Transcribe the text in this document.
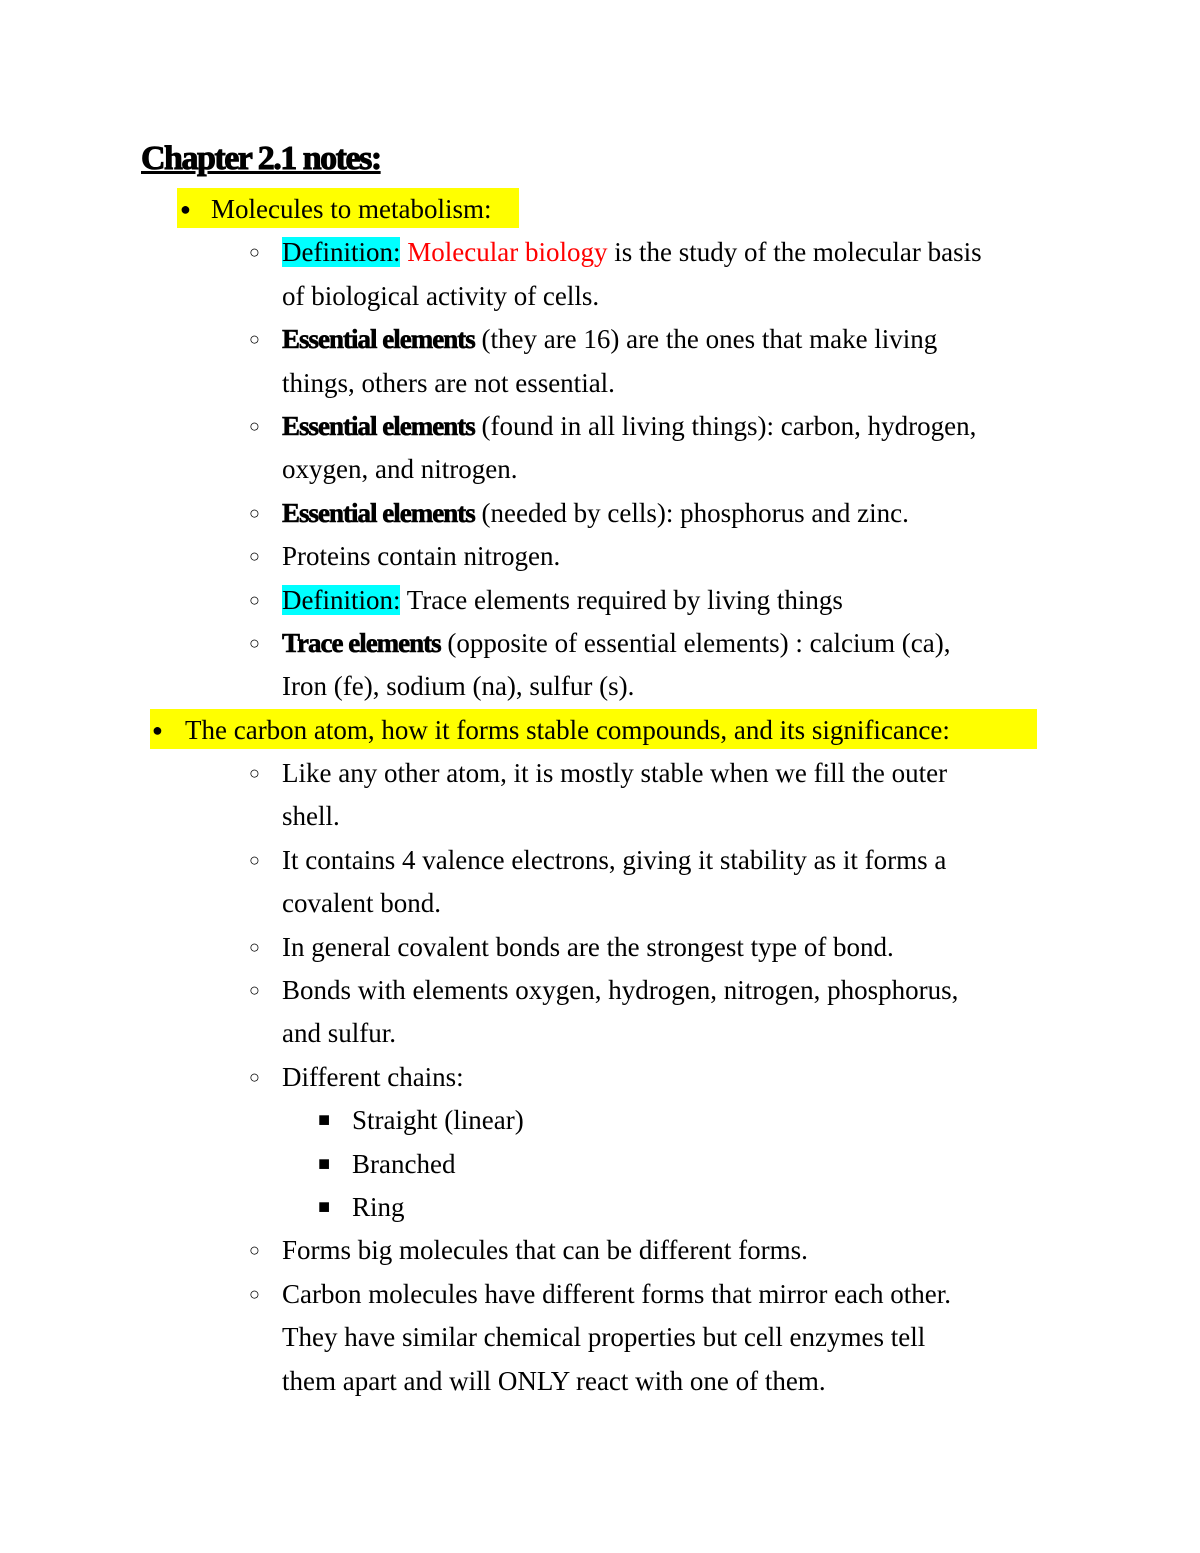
Chapter 2.1 notes:
● Molecules to metabolism:
○ Definition: Molecular biology is the study of the molecular basis
of biological activity of cells.
○ Essential elements (they are 16) are the ones that make living
things, others are not essential.
○ Essential elements (found in all living things): carbon, hydrogen,
oxygen, and nitrogen.
○ Essential elements (needed by cells): phosphorus and zinc.
○ Proteins contain nitrogen.
○ Definition: Trace elements required by living things
○ Trace elements (opposite of essential elements) : calcium (ca),
Iron (fe), sodium (na), sulfur (s).
● The carbon atom, how it forms stable compounds, and its significance:
○ Like any other atom, it is mostly stable when we fill the outer
shell.
○ It contains 4 valence electrons, giving it stability as it forms a
covalent bond.
○ In general covalent bonds are the strongest type of bond.
○ Bonds with elements oxygen, hydrogen, nitrogen, phosphorus,
and sulfur.
○ Different chains:
■ Straight (linear)
■ Branched
■ Ring
○ Forms big molecules that can be different forms.
○ Carbon molecules have different forms that mirror each other.
They have similar chemical properties but cell enzymes tell
them apart and will ONLY react with one of them.
